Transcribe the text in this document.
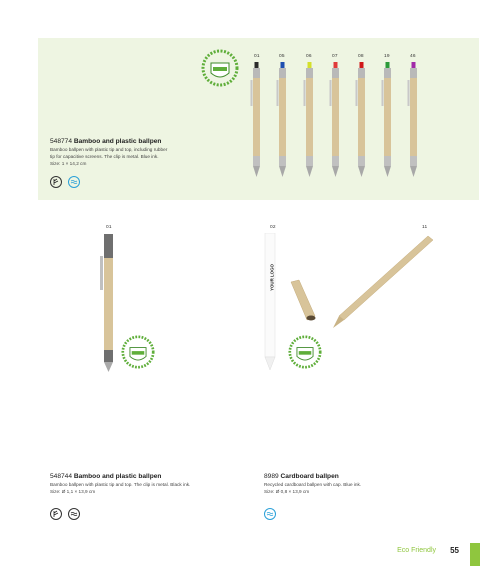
01	05	06	07	08	19	46
548774 Bamboo and plastic ballpen
Bamboo ballpen with plastic tip and top, including rubber
tip for capacitive screens. The clip is metal. Blue ink.
Size: 1 × 14,2 cm
01
548744 Bamboo and plastic ballpen
Bamboo ballpen with plastic tip and top. The clip is metal. Black ink.
Size: Ø 1,1 × 13,9 cm
02	11
YOUR LOGO
8989 Cardboard ballpen
Recycled cardboard ballpen with cap. Blue ink.
Size: Ø 0,8 × 13,9 cm
Eco Friendly 55
